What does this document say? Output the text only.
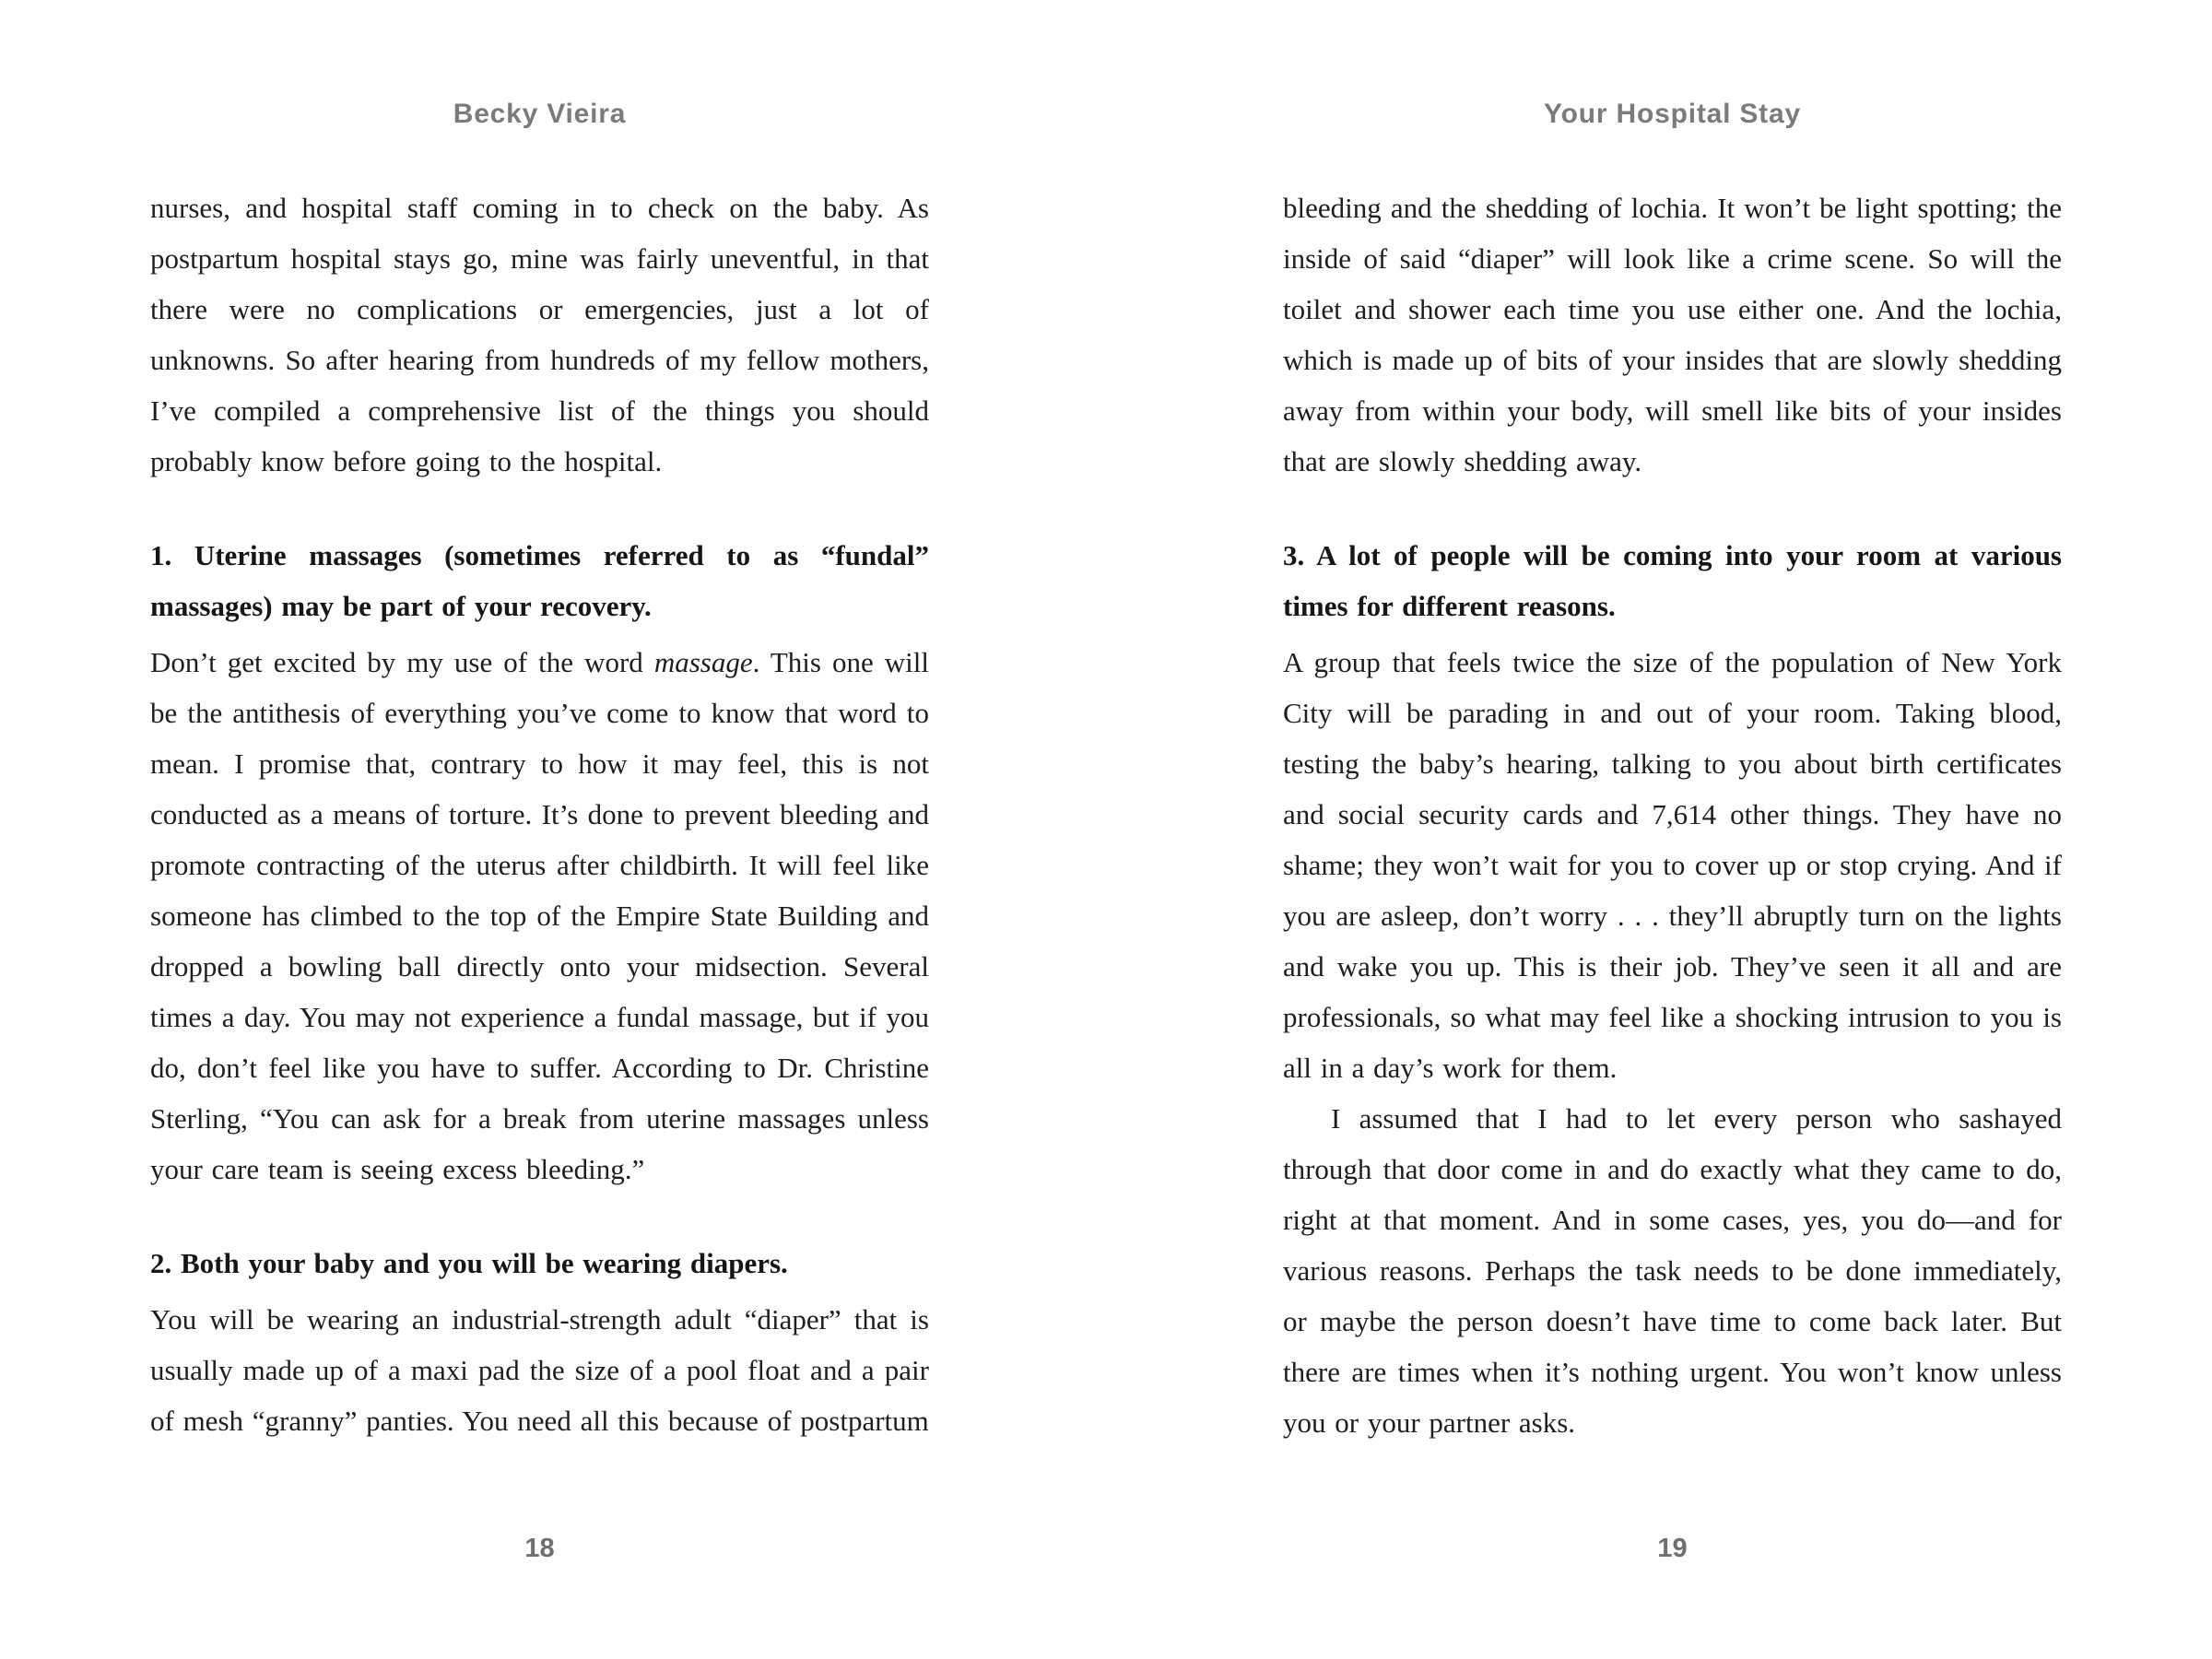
Becky Vieira

nurses, and hospital staff coming in to check on the baby. As postpartum hospital stays go, mine was fairly uneventful, in that there were no complications or emergencies, just a lot of unknowns. So after hearing from hundreds of my fellow mothers, I’ve compiled a comprehensive list of the things you should probably know before going to the hospital.

1. Uterine massages (sometimes referred to as “fundal” massages) may be part of your recovery.

Don’t get excited by my use of the word massage. This one will be the antithesis of everything you’ve come to know that word to mean. I promise that, contrary to how it may feel, this is not conducted as a means of torture. It’s done to prevent bleeding and promote contracting of the uterus after childbirth. It will feel like someone has climbed to the top of the Empire State Building and dropped a bowling ball directly onto your midsection. Several times a day. You may not experience a fundal massage, but if you do, don’t feel like you have to suffer. According to Dr. Christine Sterling, “You can ask for a break from uterine massages unless your care team is seeing excess bleeding.”

2. Both your baby and you will be wearing diapers.

You will be wearing an industrial-strength adult “diaper” that is usually made up of a maxi pad the size of a pool float and a pair of mesh “granny” panties. You need all this because of postpartum

18
Your Hospital Stay

bleeding and the shedding of lochia. It won’t be light spotting; the inside of said “diaper” will look like a crime scene. So will the toilet and shower each time you use either one. And the lochia, which is made up of bits of your insides that are slowly shedding away from within your body, will smell like bits of your insides that are slowly shedding away.

3. A lot of people will be coming into your room at various times for different reasons.

A group that feels twice the size of the population of New York City will be parading in and out of your room. Taking blood, testing the baby’s hearing, talking to you about birth certificates and social security cards and 7,614 other things. They have no shame; they won’t wait for you to cover up or stop crying. And if you are asleep, don’t worry . . . they’ll abruptly turn on the lights and wake you up. This is their job. They’ve seen it all and are professionals, so what may feel like a shocking intrusion to you is all in a day’s work for them.

I assumed that I had to let every person who sashayed through that door come in and do exactly what they came to do, right at that moment. And in some cases, yes, you do—and for various reasons. Perhaps the task needs to be done immediately, or maybe the person doesn’t have time to come back later. But there are times when it’s nothing urgent. You won’t know unless you or your partner asks.

19
